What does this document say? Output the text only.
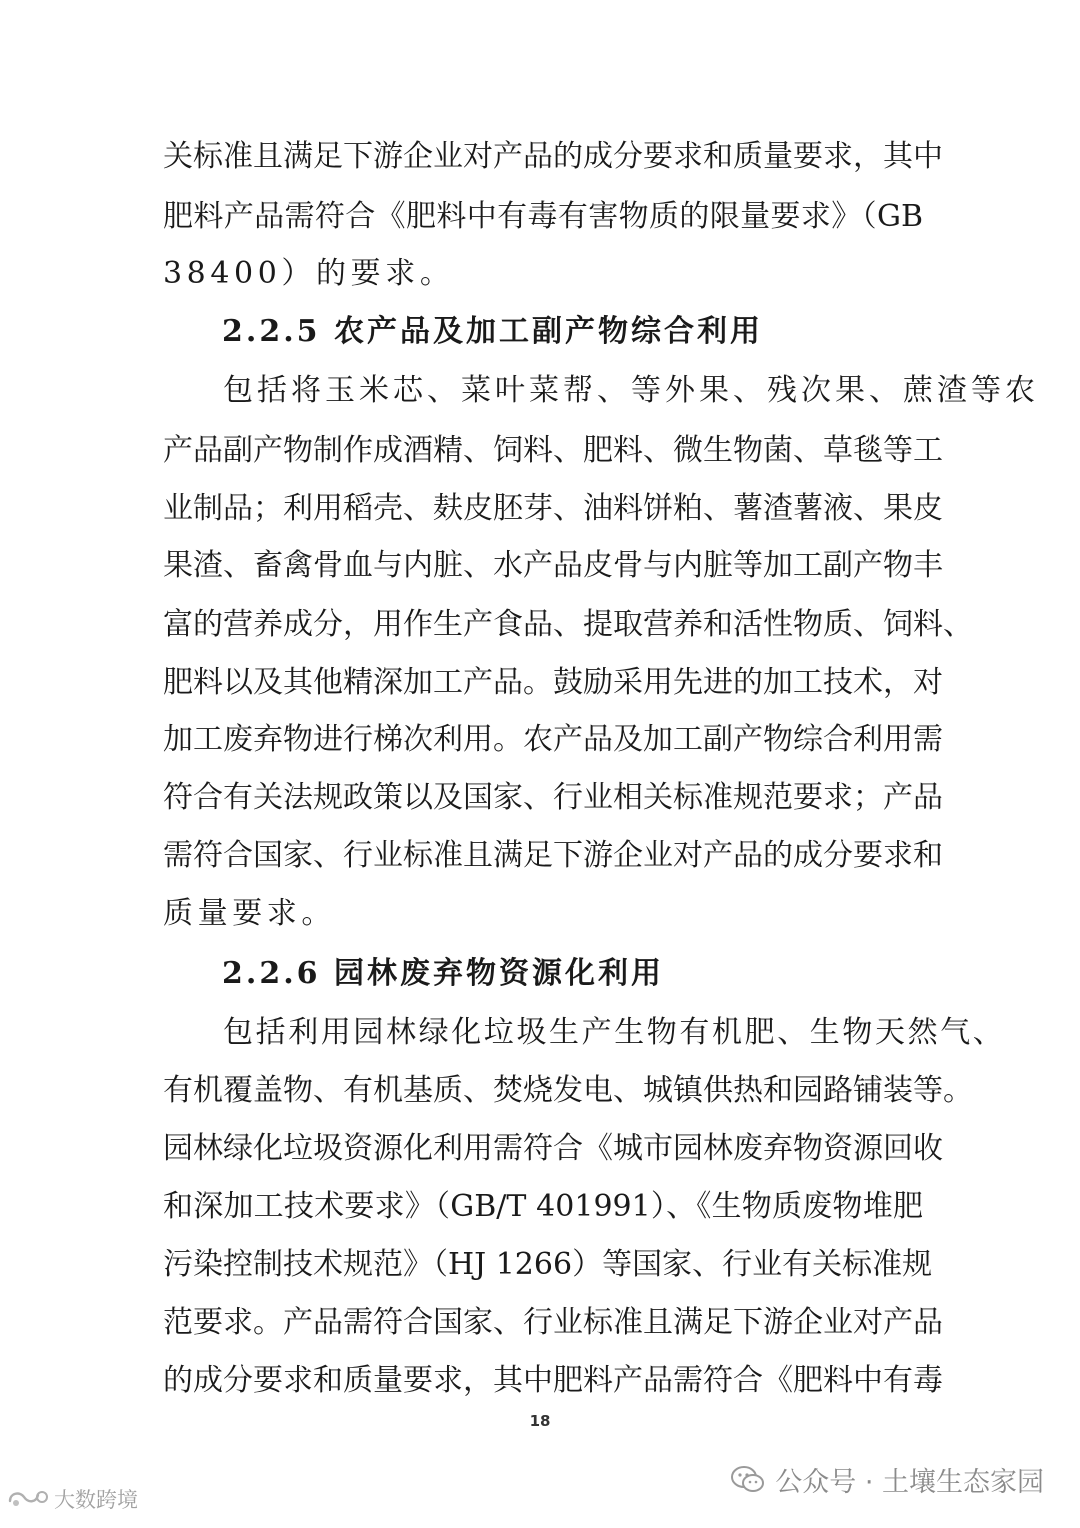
关标准且满足下游企业对产品的成分要求和质量要求，其中
肥料产品需符合《肥料中有毒有害物质的限量要求》（GB
38400）的要求。
2.2.5 农产品及加工副产物综合利用
包括将玉米芯、菜叶菜帮、等外果、残次果、蔗渣等农
产品副产物制作成酒精、饲料、肥料、微生物菌、草毯等工
业制品；利用稻壳、麸皮胚芽、油料饼粕、薯渣薯液、果皮
果渣、畜禽骨血与内脏、水产品皮骨与内脏等加工副产物丰
富的营养成分，用作生产食品、提取营养和活性物质、饲料、
肥料以及其他精深加工产品。鼓励采用先进的加工技术，对
加工废弃物进行梯次利用。农产品及加工副产物综合利用需
符合有关法规政策以及国家、行业相关标准规范要求；产品
需符合国家、行业标准且满足下游企业对产品的成分要求和
质量要求。
2.2.6 园林废弃物资源化利用
包括利用园林绿化垃圾生产生物有机肥、生物天然气、
有机覆盖物、有机基质、焚烧发电、城镇供热和园路铺装等。
园林绿化垃圾资源化利用需符合《城市园林废弃物资源回收
和深加工技术要求》（GB/T 401991）、《生物质废物堆肥
污染控制技术规范》（HJ 1266）等国家、行业有关标准规
范要求。产品需符合国家、行业标准且满足下游企业对产品
的成分要求和质量要求，其中肥料产品需符合《肥料中有毒
18
公众号 · 土壤生态家园
大数跨境
